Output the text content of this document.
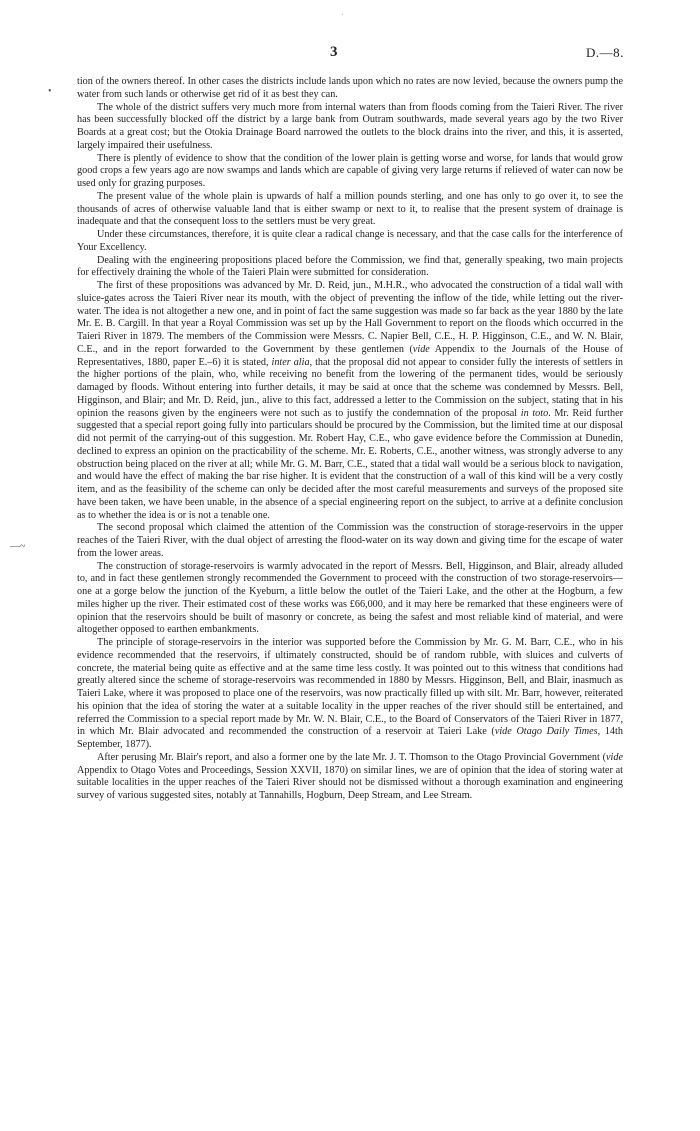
·
3	D.—8.
•
—~

tion of the owners thereof. In other cases the districts include lands upon which no rates are now levied, because the owners pump the water from such lands or otherwise get rid of it as best they can.

The whole of the district suffers very much more from internal waters than from floods coming from the Taieri River. The river has been successfully blocked off the district by a large bank from Outram southwards, made several years ago by the two River Boards at a great cost; but the Otokia Drainage Board narrowed the outlets to the block drains into the river, and this, it is asserted, largely impaired their usefulness.

There is plently of evidence to show that the condition of the lower plain is getting worse and worse, for lands that would grow good crops a few years ago are now swamps and lands which are capable of giving very large returns if relieved of water can now be used only for grazing purposes.

The present value of the whole plain is upwards of half a million pounds sterling, and one has only to go over it, to see the thousands of acres of otherwise valuable land that is either swamp or next to it, to realise that the present system of drainage is inadequate and that the consequent loss to the settlers must be very great.

Under these circumstances, therefore, it is quite clear a radical change is necessary, and that the case calls for the interference of Your Excellency.

Dealing with the engineering propositions placed before the Commission, we find that, generally speaking, two main projects for effectively draining the whole of the Taieri Plain were submitted for consideration.

The first of these propositions was advanced by Mr. D. Reid, jun., M.H.R., who advocated the construction of a tidal wall with sluice-gates across the Taieri River near its mouth, with the object of preventing the inflow of the tide, while letting out the river-water. The idea is not altogether a new one, and in point of fact the same suggestion was made so far back as the year 1880 by the late Mr. E. B. Cargill. In that year a Royal Commission was set up by the Hall Government to report on the floods which occurred in the Taieri River in 1879. The members of the Commission were Messrs. C. Napier Bell, C.E., H. P. Higginson, C.E., and W. N. Blair, C.E., and in the report forwarded to the Government by these gentlemen (vide Appendix to the Journals of the House of Representatives, 1880, paper E.–6) it is stated, inter alia, that the proposal did not appear to consider fully the interests of settlers in the higher portions of the plain, who, while receiving no benefit from the lowering of the permanent tides, would be seriously damaged by floods. Without entering into further details, it may be said at once that the scheme was condemned by Messrs. Bell, Higginson, and Blair; and Mr. D. Reid, jun., alive to this fact, addressed a letter to the Commission on the subject, stating that in his opinion the reasons given by the engineers were not such as to justify the condemnation of the proposal in toto. Mr. Reid further suggested that a special report going fully into particulars should be procured by the Commission, but the limited time at our disposal did not permit of the carrying-out of this suggestion. Mr. Robert Hay, C.E., who gave evidence before the Commission at Dunedin, declined to express an opinion on the practicability of the scheme. Mr. E. Roberts, C.E., another witness, was strongly adverse to any obstruction being placed on the river at all; while Mr. G. M. Barr, C.E., stated that a tidal wall would be a serious block to navigation, and would have the effect of making the bar rise higher. It is evident that the construction of a wall of this kind will be a very costly item, and as the feasibility of the scheme can only be decided after the most careful measurements and surveys of the proposed site have been taken, we have been unable, in the absence of a special engineering report on the subject, to arrive at a definite conclusion as to whether the idea is or is not a tenable one.

The second proposal which claimed the attention of the Commission was the construction of storage-reservoirs in the upper reaches of the Taieri River, with the dual object of arresting the flood-water on its way down and giving time for the escape of water from the lower areas.

The construction of storage-reservoirs is warmly advocated in the report of Messrs. Bell, Higginson, and Blair, already alluded to, and in fact these gentlemen strongly recommended the Government to proceed with the construction of two storage-reservoirs—one at a gorge below the junction of the Kyeburn, a little below the outlet of the Taieri Lake, and the other at the Hogburn, a few miles higher up the river. Their estimated cost of these works was £66,000, and it may here be remarked that these engineers were of opinion that the reservoirs should be built of masonry or concrete, as being the safest and most reliable kind of material, and were altogether opposed to earthen embankments.

The principle of storage-reservoirs in the interior was supported before the Commission by Mr. G. M. Barr, C.E., who in his evidence recommended that the reservoirs, if ultimately constructed, should be of random rubble, with sluices and culverts of concrete, the material being quite as effective and at the same time less costly. It was pointed out to this witness that conditions had greatly altered since the scheme of storage-reservoirs was recommended in 1880 by Messrs. Higginson, Bell, and Blair, inasmuch as Taieri Lake, where it was proposed to place one of the reservoirs, was now practically filled up with silt. Mr. Barr, however, reiterated his opinion that the idea of storing the water at a suitable locality in the upper reaches of the river should still be entertained, and referred the Commission to a special report made by Mr. W. N. Blair, C.E., to the Board of Conservators of the Taieri River in 1877, in which Mr. Blair advocated and recommended the construction of a reservoir at Taieri Lake (vide Otago Daily Times, 14th September, 1877).

After perusing Mr. Blair's report, and also a former one by the late Mr. J. T. Thomson to the Otago Provincial Government (vide Appendix to Otago Votes and Proceedings, Session XXVII, 1870) on similar lines, we are of opinion that the idea of storing water at suitable localities in the upper reaches of the Taieri River should not be dismissed without a thorough examination and engineering survey of various suggested sites, notably at Tannahills, Hogburn, Deep Stream, and Lee Stream.
